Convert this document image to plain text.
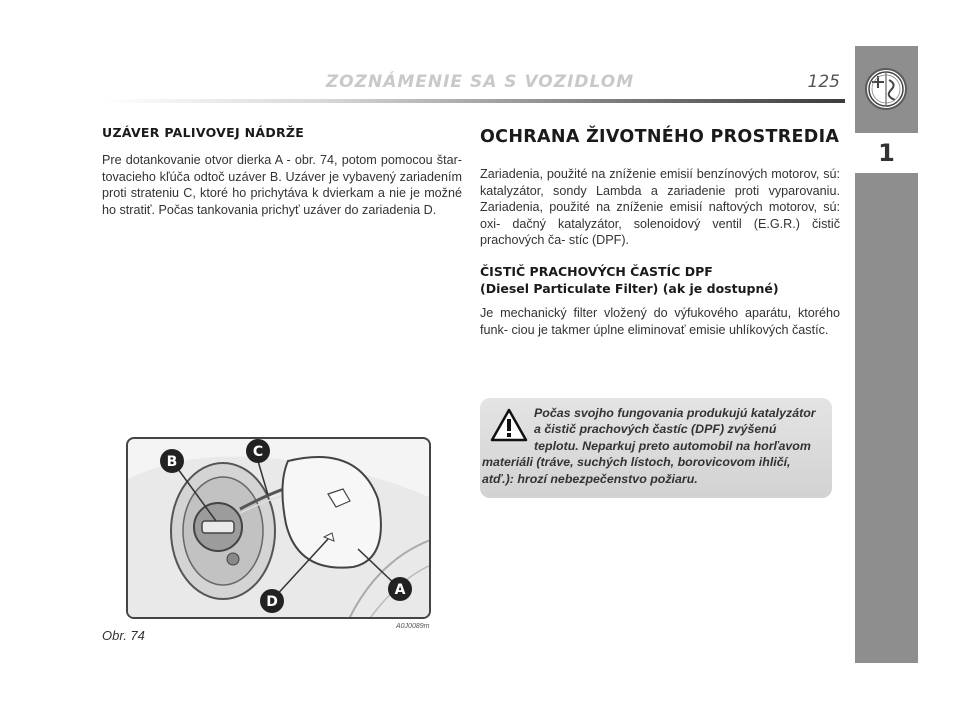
ZOZNÁMENIE SA S VOZIDLOM	125
1
UZÁVER PALIVOVEJ NÁDRŽE
Pre dotankovanie otvor dierka A - obr. 74, potom pomocou štar- tovacieho kľúča odtoč uzáver B. Uzáver je vybavený zariadením proti strateniu C, ktoré ho prichytáva k dvierkam a nie je možné ho stratiť. Počas tankovania prichyť uzáver do zariadenia D.
B
C
D
A
Obr. 74
A0J0089m
OCHRANA ŽIVOTNÉHO PROSTREDIA
Zariadenia, použité na zníženie emisií benzínových motorov, sú: katalyzátor, sondy Lambda a zariadenie proti vyparovaniu. Zariadenia, použité na zníženie emisií naftových motorov, sú: oxi- dačný katalyzátor, solenoidový ventil (E.G.R.) čistič prachových ča- stíc (DPF).
ČISTIČ PRACHOVÝCH ČASTÍC DPF
(Diesel Particulate Filter) (ak je dostupné)
Je mechanický filter vložený do výfukového aparátu, ktorého funk- ciou je takmer úplne eliminovať emisie uhlíkových častíc.
Počas svojho fungovania produkujú katalyzátor a čistič prachových častíc (DPF) zvýšenú teplotu. Neparkuj preto automobil na horľavom materiáli (tráve, suchých lístoch, borovicovom ihličí, atď.): hrozí nebezpečenstvo požiaru.
